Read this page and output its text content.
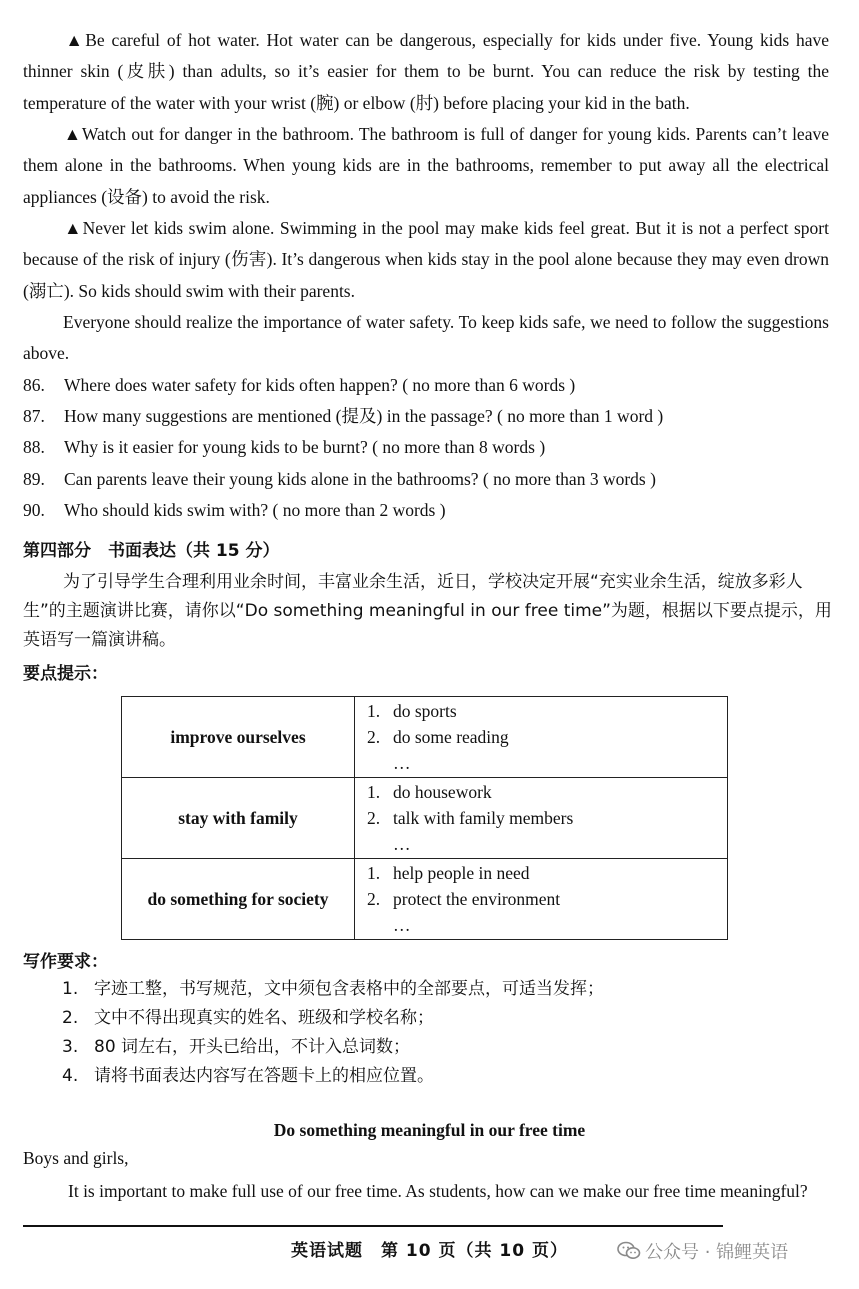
▲Be careful of hot water. Hot water can be dangerous, especially for kids under five. Young kids have thinner skin (皮肤) than adults, so it’s easier for them to be burnt. You can reduce the risk by testing the temperature of the water with your wrist (腕) or elbow (肘) before placing your kid in the bath.
▲Watch out for danger in the bathroom. The bathroom is full of danger for young kids. Parents can’t leave them alone in the bathrooms. When young kids are in the bathrooms, remember to put away all the electrical appliances (设备) to avoid the risk.
▲Never let kids swim alone. Swimming in the pool may make kids feel great. But it is not a perfect sport because of the risk of injury (伤害). It’s dangerous when kids stay in the pool alone because they may even drown (溺亡). So kids should swim with their parents.
Everyone should realize the importance of water safety. To keep kids safe, we need to follow the suggestions above.
86. Where does water safety for kids often happen? ( no more than 6 words )
87. How many suggestions are mentioned (提及) in the passage? ( no more than 1 word )
88. Why is it easier for young kids to be burnt? ( no more than 8 words )
89. Can parents leave their young kids alone in the bathrooms? ( no more than 3 words )
90. Who should kids swim with? ( no more than 2 words )
第四部分　书面表达（共 15 分）
为了引导学生合理利用业余时间，丰富业余生活，近日，学校决定开展“充实业余生活，绽放多彩人生”的主题演讲比赛，请你以“Do something meaningful in our free time”为题，根据以下要点提示，用英语写一篇演讲稿。
要点提示：
improve ourselves	1. do sports
2. do some reading
…

stay with family	1. do housework
2. talk with family members
…

do something for society	1. help people in need
2. protect the environment
…
写作要求：
1. 字迹工整，书写规范，文中须包含表格中的全部要点，可适当发挥；
2. 文中不得出现真实的姓名、班级和学校名称；
3. 80 词左右，开头已给出，不计入总词数；
4. 请将书面表达内容写在答题卡上的相应位置。
Do something meaningful in our free time
Boys and girls,
It is important to make full use of our free time. As students, how can we make our free time meaningful?
英语试题　第 10 页（共 10 页）	公众号 · 锦鲤英语
